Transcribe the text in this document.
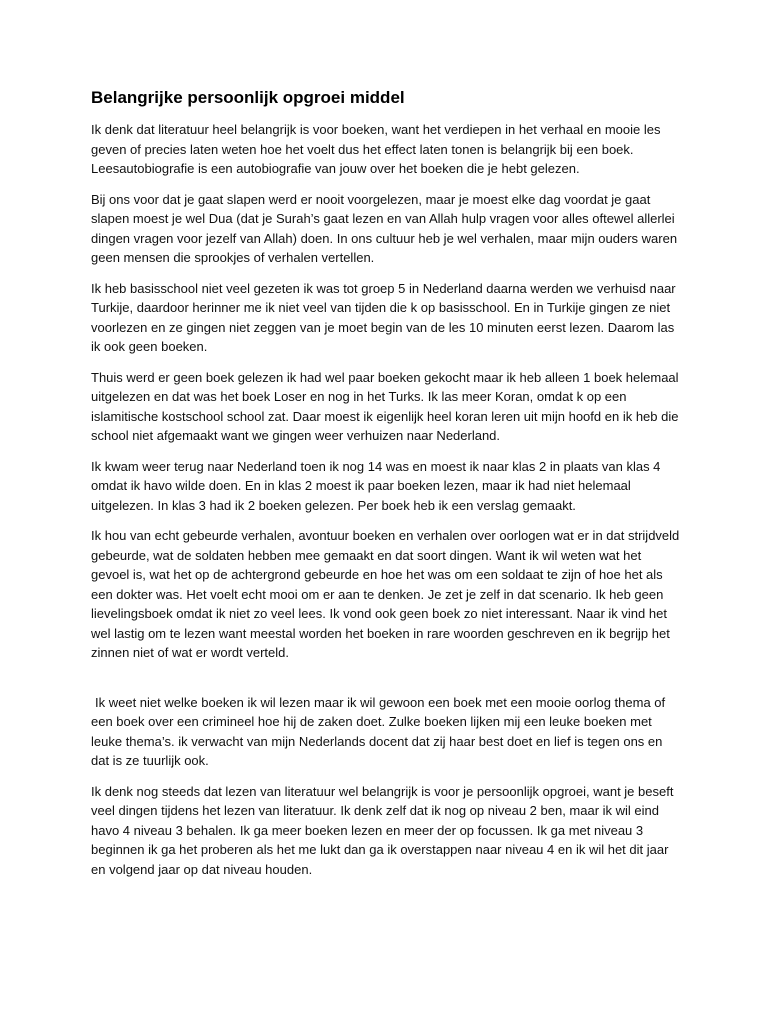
Belangrijke persoonlijk opgroei middel

Ik denk dat literatuur heel belangrijk is voor boeken, want het verdiepen in het verhaal en mooie les geven of precies laten weten hoe het voelt dus het effect laten tonen is belangrijk bij een boek. Leesautobiografie is een autobiografie van jouw over het boeken die je hebt gelezen.

Bij ons voor dat je gaat slapen werd er nooit voorgelezen, maar je moest elke dag voordat je gaat slapen moest je wel Dua (dat je Surah’s gaat lezen en van Allah hulp vragen voor alles oftewel allerlei dingen vragen voor jezelf van Allah) doen. In ons cultuur heb je wel verhalen, maar mijn ouders waren geen mensen die sprookjes of verhalen vertellen.

Ik heb basisschool niet veel gezeten ik was tot groep 5 in Nederland daarna werden we verhuisd naar Turkije, daardoor herinner me ik niet veel van tijden die k op basisschool. En in Turkije gingen ze niet voorlezen en ze gingen niet zeggen van je moet begin van de les 10 minuten eerst lezen. Daarom las ik ook geen boeken.

Thuis werd er geen boek gelezen ik had wel paar boeken gekocht maar ik heb alleen 1 boek helemaal uitgelezen en dat was het boek Loser en nog in het Turks. Ik las meer Koran, omdat k op een islamitische kostschool school zat. Daar moest ik eigenlijk heel koran leren uit mijn hoofd en ik heb die school niet afgemaakt want we gingen weer verhuizen naar Nederland.

Ik kwam weer terug naar Nederland toen ik nog 14 was en moest ik naar klas 2 in plaats van klas 4 omdat ik havo wilde doen. En in klas 2 moest ik paar boeken lezen, maar ik had niet helemaal uitgelezen. In klas 3 had ik 2 boeken gelezen. Per boek heb ik een verslag gemaakt.

Ik hou van echt gebeurde verhalen, avontuur boeken en verhalen over oorlogen wat er in dat strijdveld gebeurde, wat de soldaten hebben mee gemaakt en dat soort dingen. Want ik wil weten wat het gevoel is, wat het op de achtergrond gebeurde en hoe het was om een soldaat te zijn of hoe het als een dokter was. Het voelt echt mooi om er aan te denken. Je zet je zelf in dat scenario. Ik heb geen lievelingsboek omdat ik niet zo veel lees. Ik vond ook geen boek zo niet interessant. Naar ik vind het wel lastig om te lezen want meestal worden het boeken in rare woorden geschreven en ik begrijp het zinnen niet of wat er wordt verteld.

Ik weet niet welke boeken ik wil lezen maar ik wil gewoon een boek met een mooie oorlog thema of een boek over een crimineel hoe hij de zaken doet. Zulke boeken lijken mij een leuke boeken met leuke thema’s. ik verwacht van mijn Nederlands docent dat zij haar best doet en lief is tegen ons en dat is ze tuurlijk ook.

Ik denk nog steeds dat lezen van literatuur wel belangrijk is voor je persoonlijk opgroei, want je beseft veel dingen tijdens het lezen van literatuur. Ik denk zelf dat ik nog op niveau 2 ben, maar ik wil eind havo 4 niveau 3 behalen. Ik ga meer boeken lezen en meer der op focussen. Ik ga met niveau 3 beginnen ik ga het proberen als het me lukt dan ga ik overstappen naar niveau 4 en ik wil het dit jaar en volgend jaar op dat niveau houden.
